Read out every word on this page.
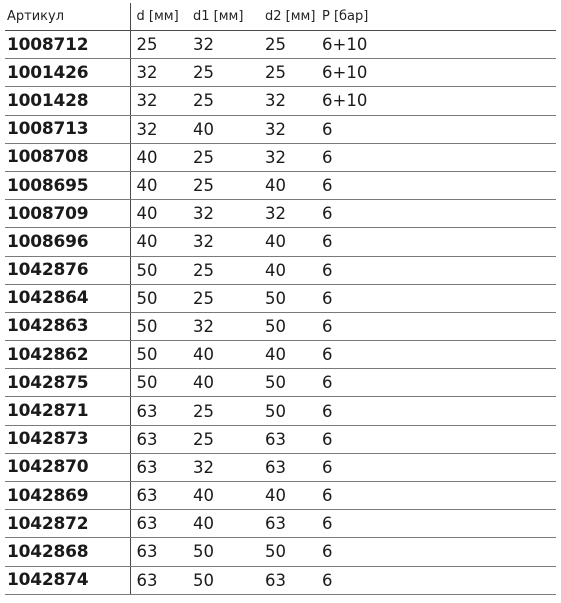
Артикул	d [мм]	d1 [мм]	d2 [мм]	P [бар]
1008712	25	32	25	6+10
1001426	32	25	25	6+10
1001428	32	25	32	6+10
1008713	32	40	32	6
1008708	40	25	32	6
1008695	40	25	40	6
1008709	40	32	32	6
1008696	40	32	40	6
1042876	50	25	40	6
1042864	50	25	50	6
1042863	50	32	50	6
1042862	50	40	40	6
1042875	50	40	50	6
1042871	63	25	50	6
1042873	63	25	63	6
1042870	63	32	63	6
1042869	63	40	40	6
1042872	63	40	63	6
1042868	63	50	50	6
1042874	63	50	63	6
